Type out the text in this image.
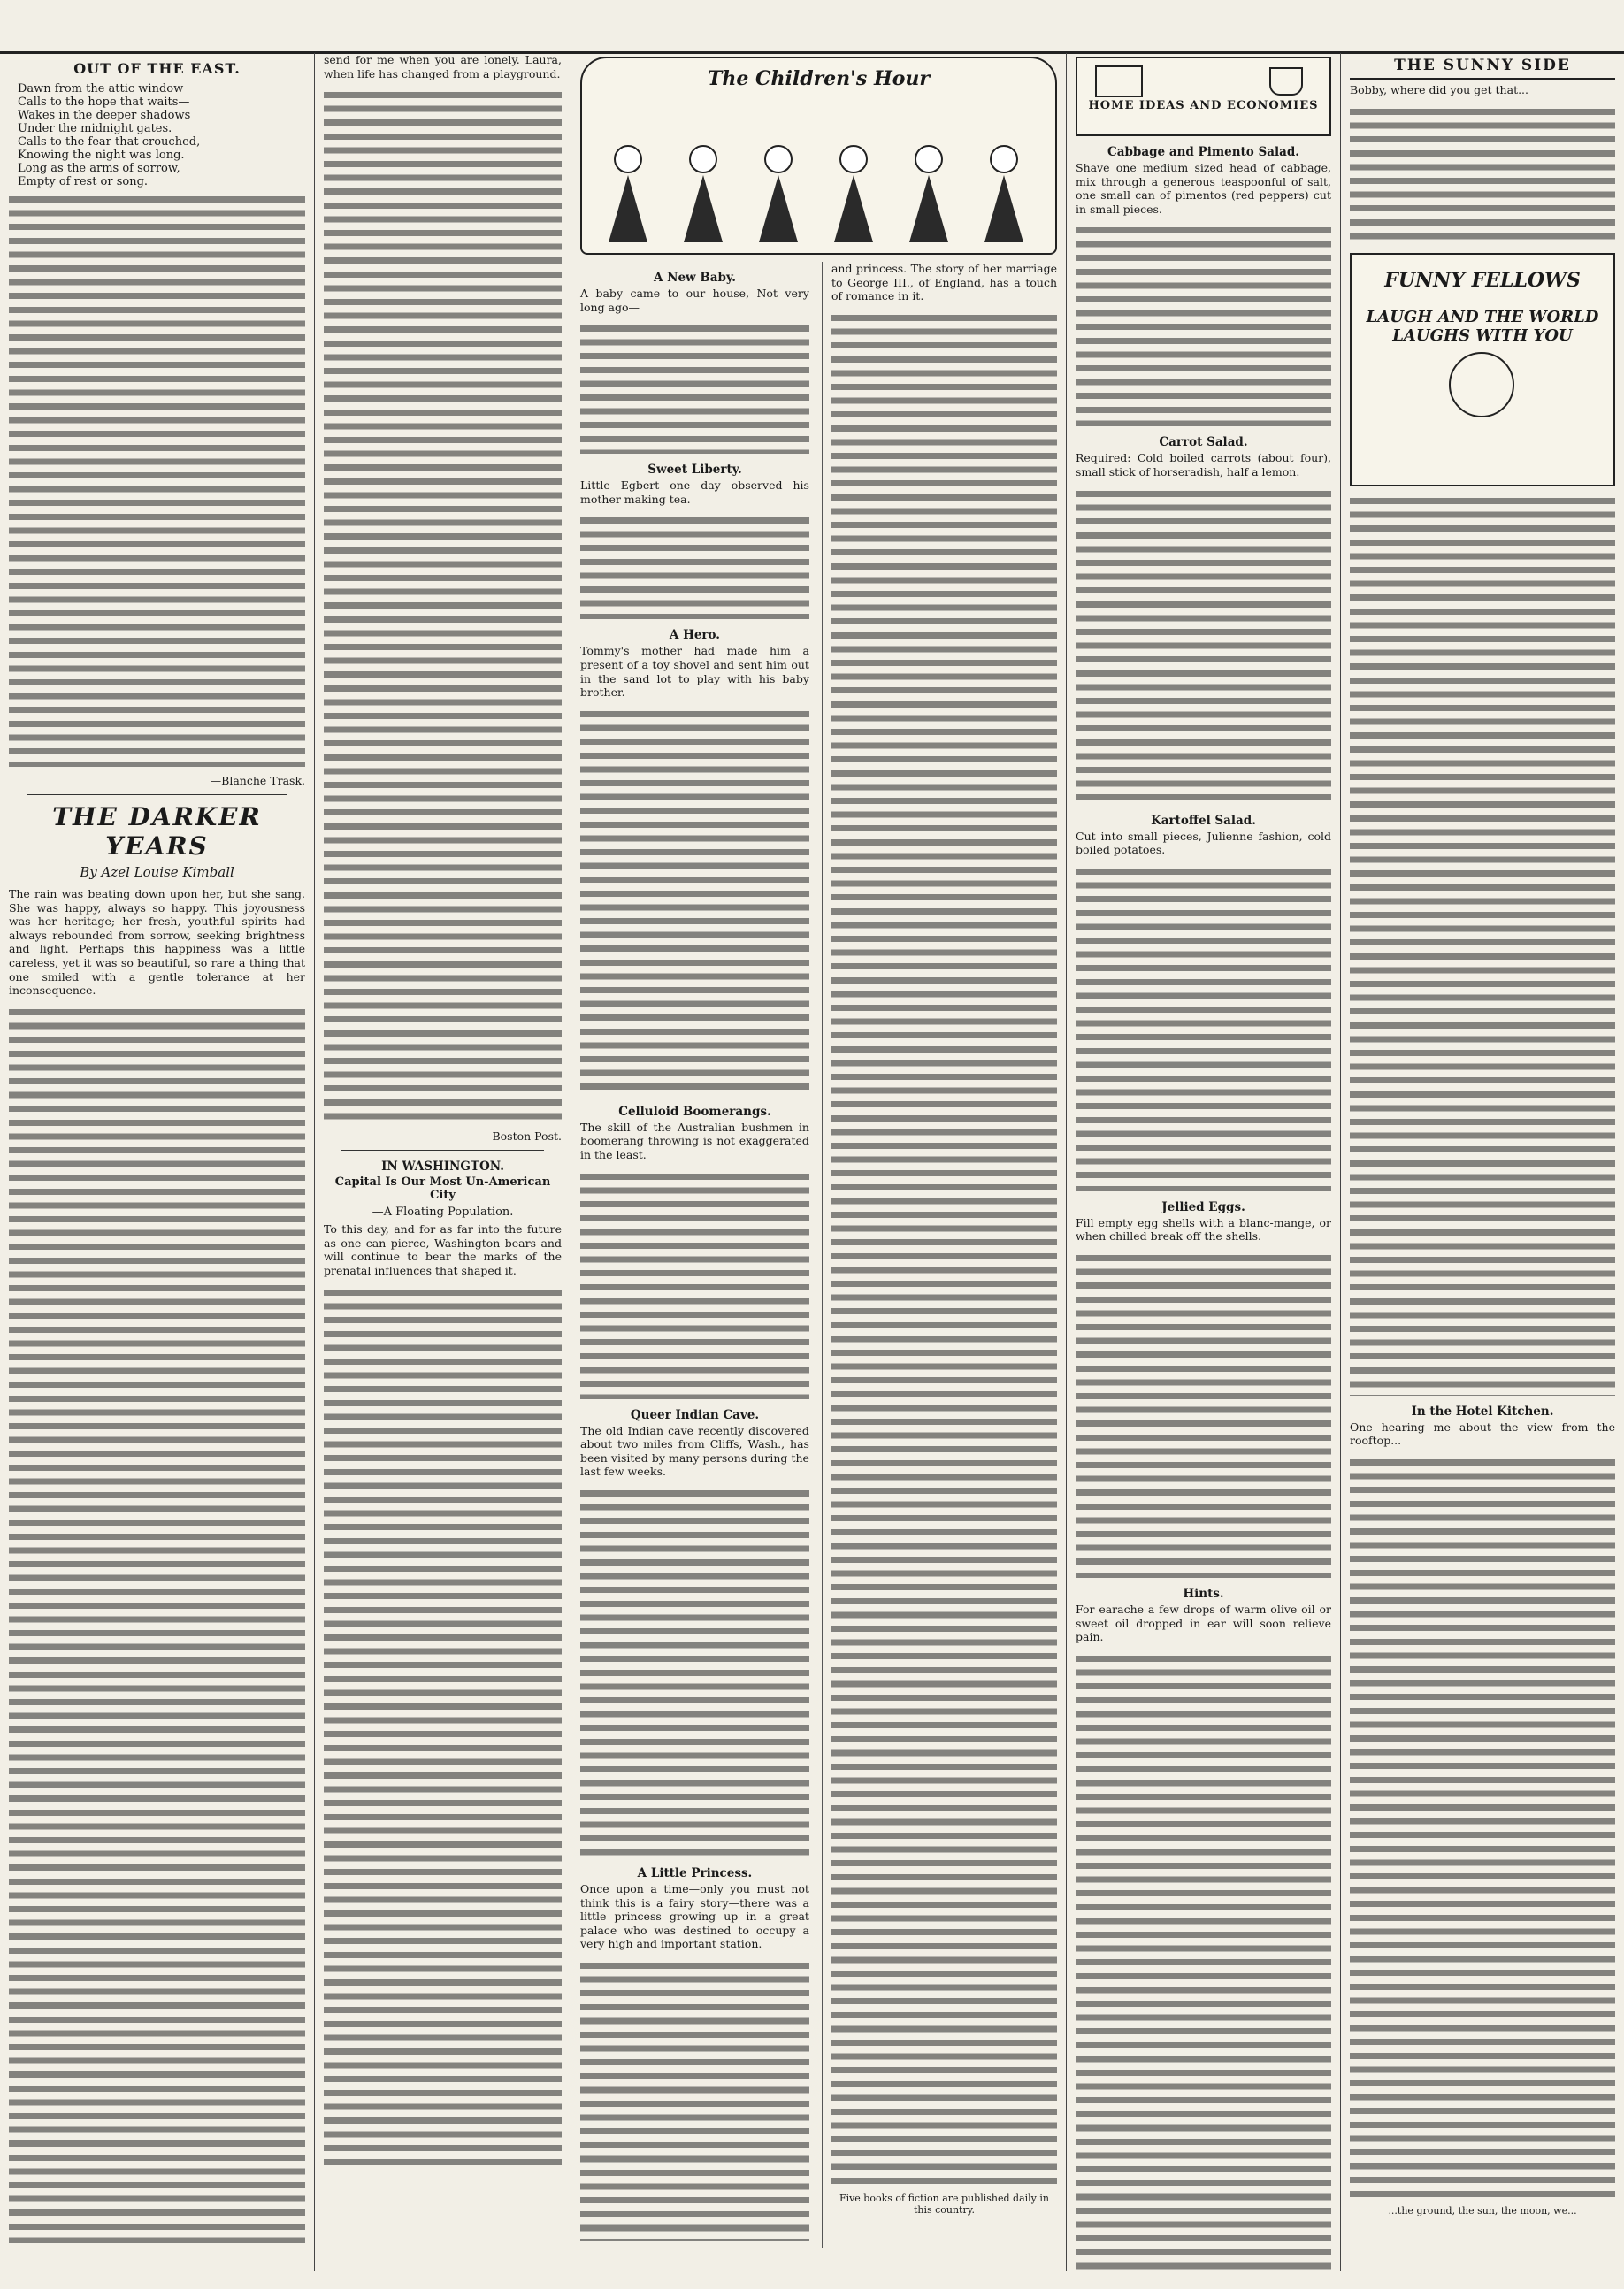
OUT OF THE EAST.
Dawn from the attic window
Calls to the hope that waits—
Wakes in the deeper shadows
Under the midnight gates.
Calls to the fear that crouched,
Knowing the night was long.
Long as the arms of sorrow,
Empty of rest or song.
—Blanche Trask.
THE DARKER YEARS
By Azel Louise Kimball

The rain was beating down upon her, but she sang. She was happy, always so happy. This joyousness was her heritage; her fresh, youthful spirits had always rebounded from sorrow, seeking brightness and light. Perhaps this happiness was a little careless, yet it was so beautiful, so rare a thing that one smiled with a gentle tolerance at her inconsequence.

send for me when you are lonely. Laura, when life has changed from a playground.

—Boston Post.
IN WASHINGTON.
Capital Is Our Most Un-American City
—A Floating Population.

To this day, and for as far into the future as one can pierce, Washington bears and will continue to bear the marks of the prenatal influences that shaped it.

The Children's Hour
A New Baby.

A baby came to our house, Not very long ago—

Sweet Liberty.

Little Egbert one day observed his mother making tea.

A Hero.

Tommy's mother had made him a present of a toy shovel and sent him out in the sand lot to play with his baby brother.

Celluloid Boomerangs.

The skill of the Australian bushmen in boomerang throwing is not exaggerated in the least.

Queer Indian Cave.

The old Indian cave recently discovered about two miles from Cliffs, Wash., has been visited by many persons during the last few weeks.

A Little Princess.

Once upon a time—only you must not think this is a fairy story—there was a little princess growing up in a great palace who was destined to occupy a very high and important station.

and princess. The story of her marriage to George III., of England, has a touch of romance in it.

Five books of fiction are published daily in this country.
HOME IDEAS AND ECONOMIES
Cabbage and Pimento Salad.

Shave one medium sized head of cabbage, mix through a generous teaspoonful of salt, one small can of pimentos (red peppers) cut in small pieces.

Carrot Salad.

Required: Cold boiled carrots (about four), small stick of horseradish, half a lemon.

Kartoffel Salad.

Cut into small pieces, Julienne fashion, cold boiled potatoes.

Jellied Eggs.

Fill empty egg shells with a blanc-mange, or when chilled break off the shells.

Hints.

For earache a few drops of warm olive oil or sweet oil dropped in ear will soon relieve pain.

THE SUNNY SIDE

Bobby, where did you get that...

FUNNY FELLOWS
LAUGH AND THE WORLD LAUGHS WITH YOU
In the Hotel Kitchen.

One hearing me about the view from the rooftop...

...the ground, the sun, the moon, we...
